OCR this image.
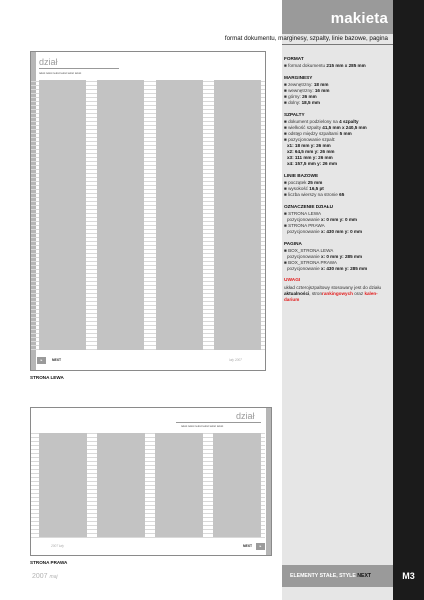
makieta
format dokumentu, marginesy, szpalty, linie bazowe, pagina
FORMAT
■ format dokumentu 215 mm x 285 mm
MARGINESY
■ zewnętrzny: 18 mm
■ wewnętrzny: 16 mm
■ górny: 26 mm
■ dolny: 18,5 mm
SZPALTY
■ dokument podzielony na 4 szpalty
■ wielkość szpalty 41,5 mm x 240,5 mm
■ odstęp między szpaltami 5 mm
■ pozycjonowanie szpalt:
x1: 18 mm y: 26 mm
x2: 64,5 mm y: 26 mm
x3: 111 mm y: 26 mm
x4: 157,5 mm y: 26 mm
LINIE BAZOWE
■ początek 25 mm
■ wysokość 16,5 pt
■ liczba wierszy na stronie 65
OZNACZENIE DZIAŁU
■ STRONA LEWA
pozycjonowanie x: 0 mm y: 0 mm
■ STRONA PRAWA
pozycjonowanie x: 430 mm y: 0 mm
PAGINA
■ BOX_STRONA LEWA
pozycjonowanie x: 0 mm y: 285 mm
■ BOX_STRONA PRAWA
pozycjonowanie x: 430 mm y: 285 mm
UWAGI
układ czterojszpaltowy stosowany jest do działu
aktualności, stronrankingowych oraz kalen-
darium
dział
tekst tekst tekst tekst tekst tekst
▸	NEXT	luty 2007
STRONA LEWA
dział
tekst tekst tekst tekst tekst tekst
2007 luty	NEXT	▸
STRONA PRAWA
2007 maj	ELEMENTY STAŁE, STYLE NEXT	M3
